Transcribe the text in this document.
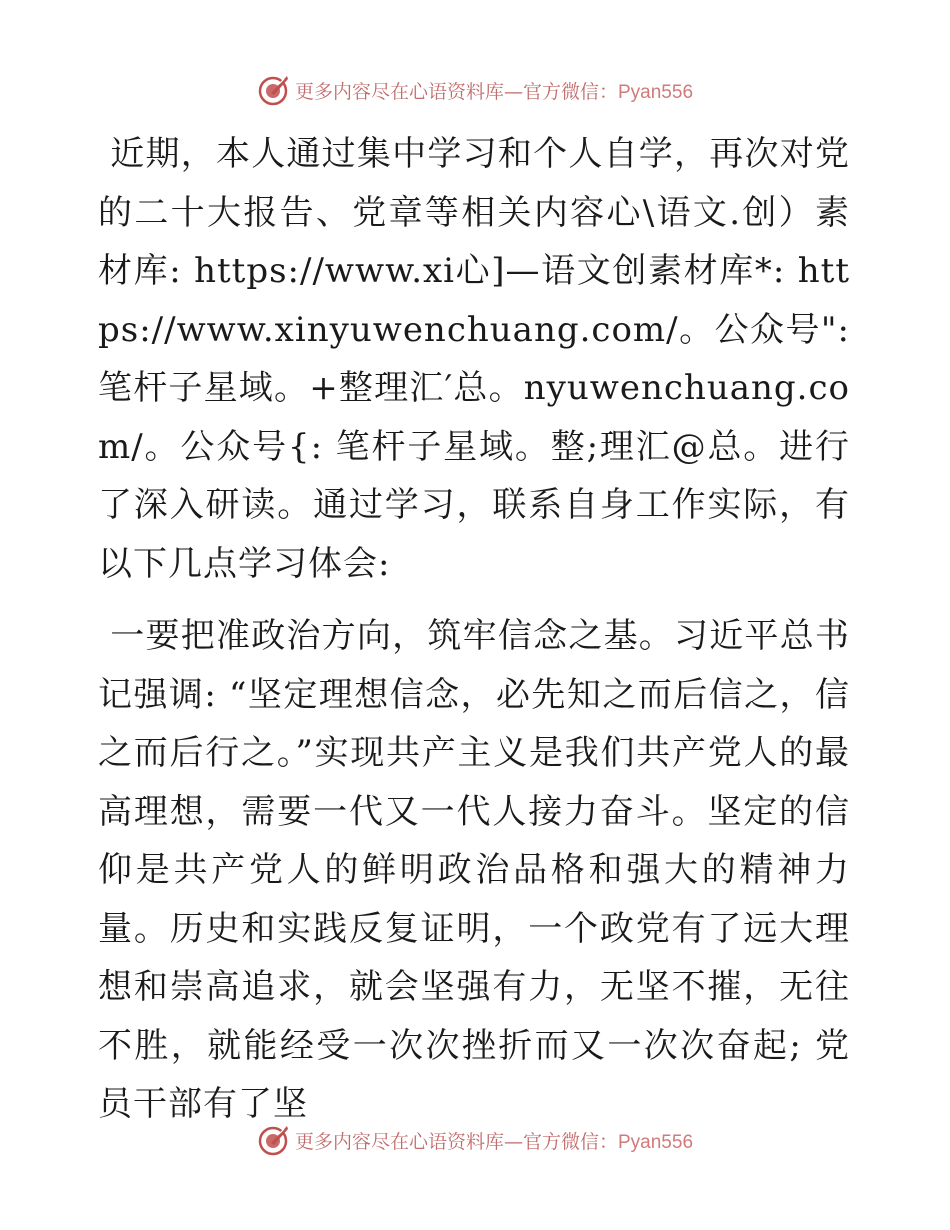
更多内容尽在心语资料库—官方微信：Pyan556

近期，本人通过集中学习和个人自学，再次对党的二十大报告、党章等相关内容心\语文.创）素材库: https://www.xi心]—语文创素材库*: https://www.xinyuwenchuang.com/。公众号": 笔杆子星域。+整理汇′总。nyuwenchuang.com/。公众号{: 笔杆子星域。整;理汇@总。进行了深入研读。通过学习，联系自身工作实际，有以下几点学习体会:

一要把准政治方向，筑牢信念之基。习近平总书记强调: “坚定理想信念，必先知之而后信之，信之而后行之。”实现共产主义是我们共产党人的最高理想，需要一代又一代人接力奋斗。坚定的信仰是共产党人的鲜明政治品格和强大的精神力量。历史和实践反复证明，一个政党有了远大理想和崇高追求，就会坚强有力，无坚不摧，无往不胜，就能经受一次次挫折而又一次次奋起; 党员干部有了坚

更多内容尽在心语资料库—官方微信：Pyan556
